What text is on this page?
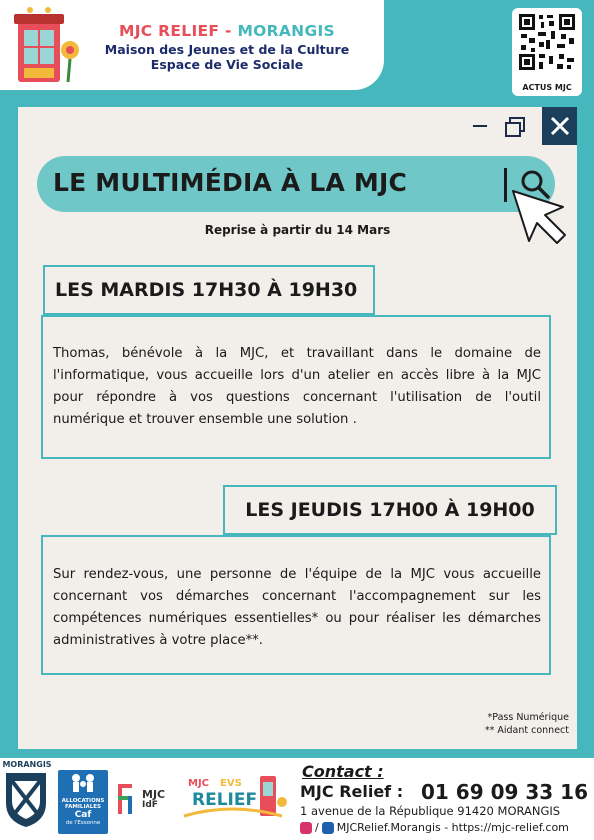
MJC RELIEF - MORANGIS
Maison des Jeunes et de la Culture
Espace de Vie Sociale
ACTUS MJC
LE MULTIMÉDIA À LA MJC
Reprise à partir du 14 Mars
LES MARDIS 17H30 À 19H30
Thomas, bénévole à la MJC, et travaillant dans le domaine de l'informatique, vous accueille lors d'un atelier en accès libre à la MJC pour répondre à vos questions concernant l'utilisation de l'outil numérique et trouver ensemble une solution .
LES JEUDIS 17H00 À 19H00
Sur rendez-vous, une personne de l'équipe de la MJC vous accueille concernant vos démarches concernant l'accompagnement sur les compétences numériques essentielles* ou pour réaliser les démarches administratives à votre place**.
*Pass Numérique
** Aidant connect
MORANGIS
ALLOCATIONS
FAMILIALES
Caf
de l'Essonne
MJC
IdF
MJC EVS
RELIEF
Contact :
MJC Relief : 01 69 09 33 16
1 avenue de la République 91420 MORANGIS
/ MJCRelief.Morangis - https://mjc-relief.com
